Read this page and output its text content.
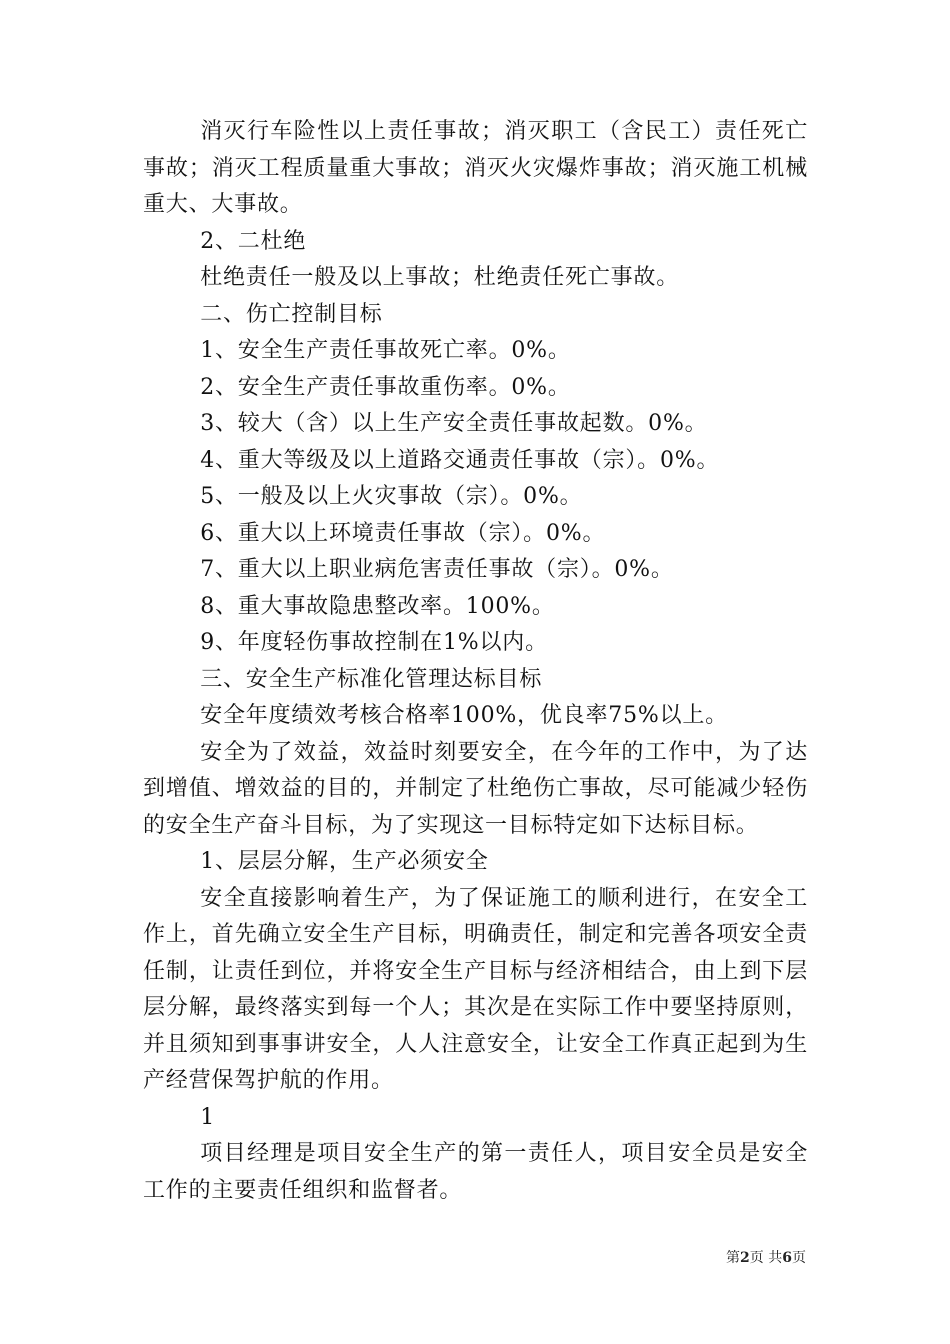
消灭行车险性以上责任事故；消灭职工（含民工）责任死亡事故；消灭工程质量重大事故；消灭火灾爆炸事故；消灭施工机械重大、大事故。

2、二杜绝

杜绝责任一般及以上事故；杜绝责任死亡事故。

二、伤亡控制目标

1、安全生产责任事故死亡率。0%。

2、安全生产责任事故重伤率。0%。

3、较大（含）以上生产安全责任事故起数。0%。

4、重大等级及以上道路交通责任事故（宗）。0%。

5、一般及以上火灾事故（宗）。0%。

6、重大以上环境责任事故（宗）。0%。

7、重大以上职业病危害责任事故（宗）。0%。

8、重大事故隐患整改率。100%。

9、年度轻伤事故控制在1%以内。

三、安全生产标准化管理达标目标

安全年度绩效考核合格率100%，优良率75%以上。

安全为了效益，效益时刻要安全，在今年的工作中，为了达到增值、增效益的目的，并制定了杜绝伤亡事故，尽可能减少轻伤的安全生产奋斗目标，为了实现这一目标特定如下达标目标。

1、层层分解，生产必须安全

安全直接影响着生产，为了保证施工的顺利进行，在安全工作上，首先确立安全生产目标，明确责任，制定和完善各项安全责任制，让责任到位，并将安全生产目标与经济相结合，由上到下层层分解，最终落实到每一个人；其次是在实际工作中要坚持原则，并且须知到事事讲安全，人人注意安全，让安全工作真正起到为生产经营保驾护航的作用。

1

项目经理是项目安全生产的第一责任人，项目安全员是安全工作的主要责任组织和监督者。

第2页 共6页
